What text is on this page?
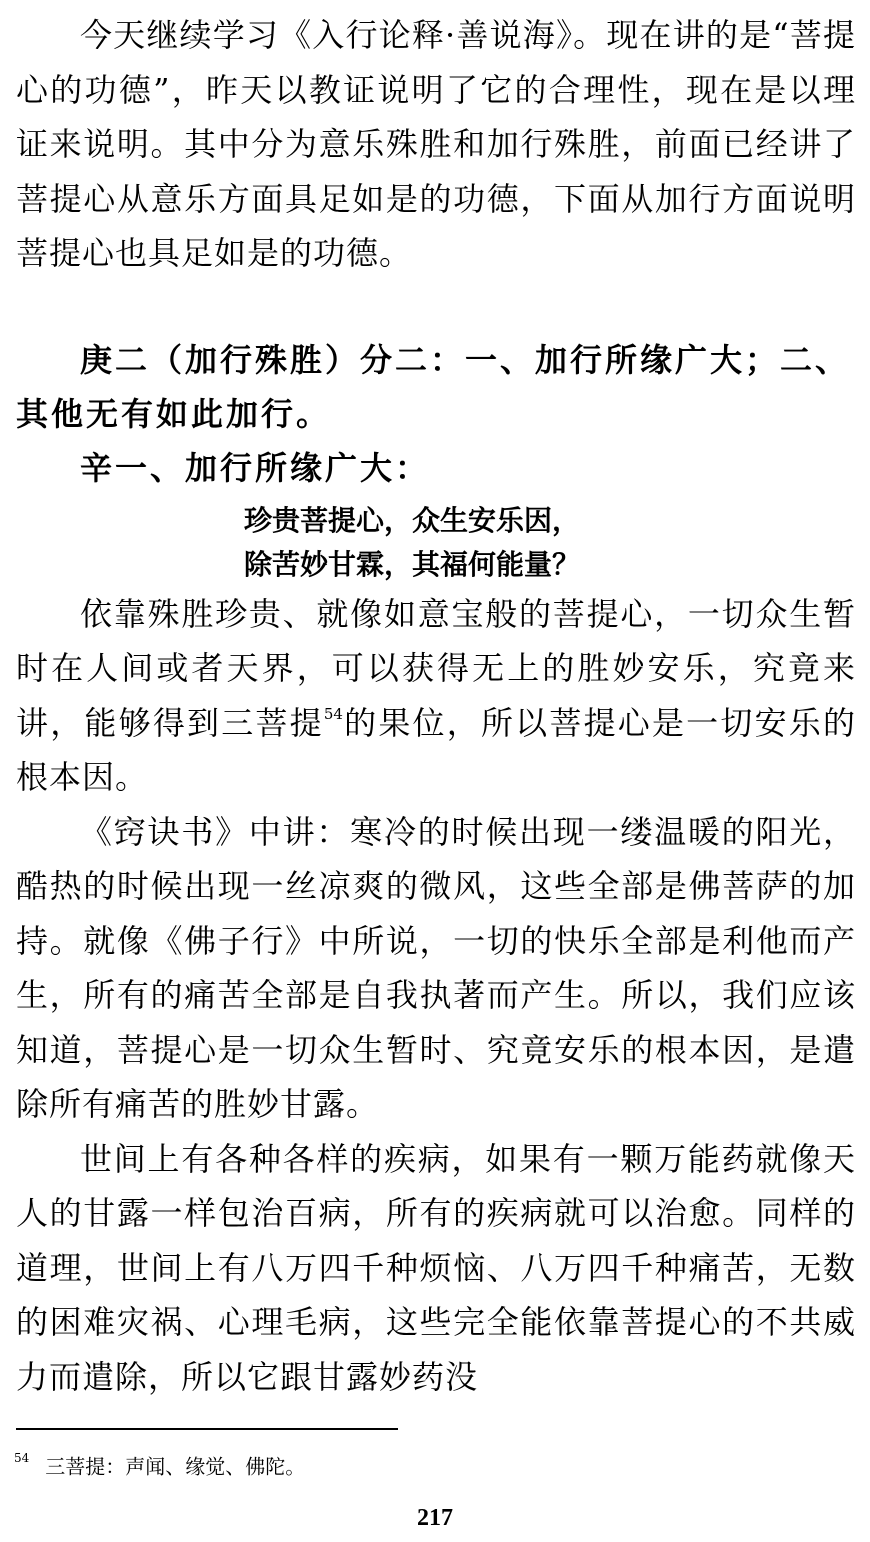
今天继续学习《入行论释·善说海》。现在讲的是“菩提心的功德”，昨天以教证说明了它的合理性，现在是以理证来说明。其中分为意乐殊胜和加行殊胜，前面已经讲了菩提心从意乐方面具足如是的功德，下面从加行方面说明菩提心也具足如是的功德。

庚二（加行殊胜）分二：一、加行所缘广大；二、其他无有如此加行。

辛一、加行所缘广大：

珍贵菩提心，众生安乐因，

除苦妙甘霖，其福何能量？

依靠殊胜珍贵、就像如意宝般的菩提心，一切众生暂时在人间或者天界，可以获得无上的胜妙安乐，究竟来讲，能够得到三菩提$^{54}$的果位，所以菩提心是一切安乐的根本因。

《窍诀书》中讲：寒冷的时候出现一缕温暖的阳光，酷热的时候出现一丝凉爽的微风，这些全部是佛菩萨的加持。就像《佛子行》中所说，一切的快乐全部是利他而产生，所有的痛苦全部是自我执著而产生。所以，我们应该知道，菩提心是一切众生暂时、究竟安乐的根本因，是遣除所有痛苦的胜妙甘露。

世间上有各种各样的疾病，如果有一颗万能药就像天人的甘露一样包治百病，所有的疾病就可以治愈。同样的道理，世间上有八万四千种烦恼、八万四千种痛苦，无数的困难灾祸、心理毛病，这些完全能依靠菩提心的不共威力而遣除，所以它跟甘露妙药没

$^{54}$ 三菩提：声闻、缘觉、佛陀。
217
